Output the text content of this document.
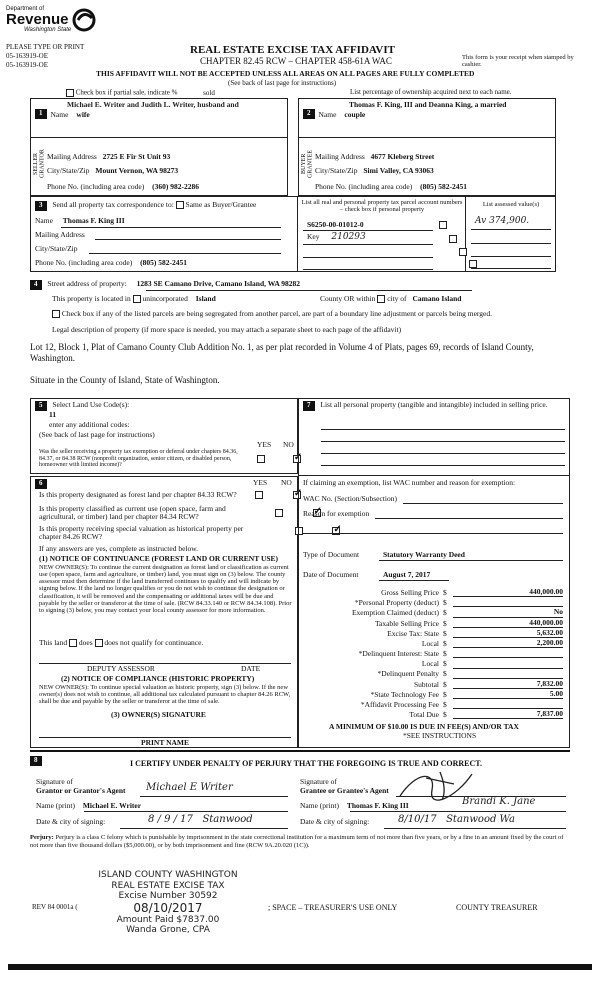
Department of
Revenue
Washington State
PLEASE TYPE OR PRINT
05-163919-OE
05-163919-OE
REAL ESTATE EXCISE TAX AFFIDAVIT
CHAPTER 82.45 RCW – CHAPTER 458-61A WAC	This form is your receipt when stamped by cashier.
THIS AFFIDAVIT WILL NOT BE ACCEPTED UNLESS ALL AREAS ON ALL PAGES ARE FULLY COMPLETED
(See back of last page for instructions)
Check box if partial sale, indicate %	sold	List percentage of ownership acquired next to each name.
Michael E. Writer and Judith L. Writer, husband and
1	Name wife
SELLER GRANTOR Mailing Address 2725 E Fir St Unit 93
City/State/Zip Mount Vernon, WA 98273
Phone No. (including area code) (360) 982-2286
Thomas F. King, III and Deanna King, a married
2	Name couple
BUYER GRANTEE Mailing Address 4677 Kleberg Street
City/State/Zip Simi Valley, CA 93063
Phone No. (including area code) (805) 582-2451
3 Send all property tax correspondence to: Same as Buyer/Grantee
Name Thomas F. King III
Mailing Address
City/State/Zip
Phone No. (including area code) (805) 582-2451
List all real and personal property tax parcel account numbers – check box if personal property
List assessed value(s)
S6250-00-01012-0

Key 210293

Av 374,900.
4 Street address of property: 1283 SE Camano Drive, Camano Island, WA 98282
This property is located in unincorporated Island	County OR within city of Camano Island
Check box if any of the listed parcels are being segregated from another parcel, are part of a boundary line adjustment or parcels being merged.
Legal description of property (if more space is needed, you may attach a separate sheet to each page of the affidavit)
Lot 12, Block 1, Plat of Camano County Club Addition No. 1, as per plat recorded in Volume 4 of Plats, pages 69, records of Island County, Washington.
Situate in the County of Island, State of Washington.
5 Select Land Use Code(s):
11
enter any additional codes:
(See back of last page for instructions)
YES NO
Was the seller receiving a property tax exemption or deferral under chapters 84.36, 84.37, or 84.38 RCW (nonprofit organization, senior citizen, or disabled person, homeowner with limited income)?
✓
6	YES NO
Is this property designated as forest land per chapter 84.33 RCW?
✓
Is this property classified as current use (open space, farm and agricultural, or timber) land per chapter 84.34 RCW?
✓
Is this property receiving special valuation as historical property per chapter 84.26 RCW?
✓
If any answers are yes, complete as instructed below.
(1) NOTICE OF CONTINUANCE (FOREST LAND OR CURRENT USE)
NEW OWNER(S): To continue the current designation as forest land or classification as current use (open space, farm and agriculture, or timber) land, you must sign on (3) below. The county assessor must then determine if the land transferred continues to qualify and will indicate by signing below. If the land no longer qualifies or you do not wish to continue the designation or classification, it will be removed and the compensating or additional taxes will be due and payable by the seller or transferor at the time of sale. (RCW 84.33.140 or RCW 84.34.108). Prior to signing (3) below, you may contact your local county assessor for more information.
This land does does not qualify for continuance.
DEPUTY ASSESSOR	DATE
(2) NOTICE OF COMPLIANCE (HISTORIC PROPERTY)
NEW OWNER(S): To continue special valuation as historic property, sign (3) below. If the new owner(s) does not wish to continue, all additional tax calculated pursuant to chapter 84.26 RCW, shall be due and payable by the seller or transferor at the time of sale.
(3) OWNER(S) SIGNATURE
PRINT NAME
7 List all personal property (tangible and intangible) included in selling price.
If claiming an exemption, list WAC number and reason for exemption:
WAC No. (Section/Subsection)
Reason for exemption
Type of Document	Statutory Warranty Deed
Date of Document	August 7, 2017
Gross Selling Price $	440,000.00
*Personal Property (deduct) $
Exemption Claimed (deduct) $	No
Taxable Selling Price $	440,000.00
Excise Tax: State $	5,632.00
Local $	2,200.00
*Delinquent Interest: State $
Local $
*Delinquent Penalty $
Subtotal $	7,832.00
*State Technology Fee $	5.00
*Affidavit Processing Fee $
Total Due $	7,837.00
A MINIMUM OF $10.00 IS DUE IN FEE(S) AND/OR TAX
*SEE INSTRUCTIONS
8	I CERTIFY UNDER PENALTY OF PERJURY THAT THE FOREGOING IS TRUE AND CORRECT.
Signature of
Grantor or Grantor's Agent Michael E Writer
Signature of
Grantee or Grantee's Agent
Name (print) Michael E. Writer	Name (print) Thomas F. King III	Brandi K. Jane
Date & city of signing:	8 / 9 / 17   Stanwood	Date & city of signing:	8/10/17   Stanwood Wa
Perjury: Perjury is a class C felony which is punishable by imprisonment in the state correctional institution for a maximum term of not more than five years, or by a fine in an amount fixed by the court of not more than five thousand dollars ($5,000.00), or by both imprisonment and fine (RCW 9A.20.020 (1C)).
ISLAND COUNTY WASHINGTON
REAL ESTATE EXCISE TAX
Excise Number 30592
08/10/2017
Amount Paid $7837.00
Wanda Grone, CPA
REV 84 0001a (	; SPACE – TREASURER'S USE ONLY	COUNTY TREASURER
